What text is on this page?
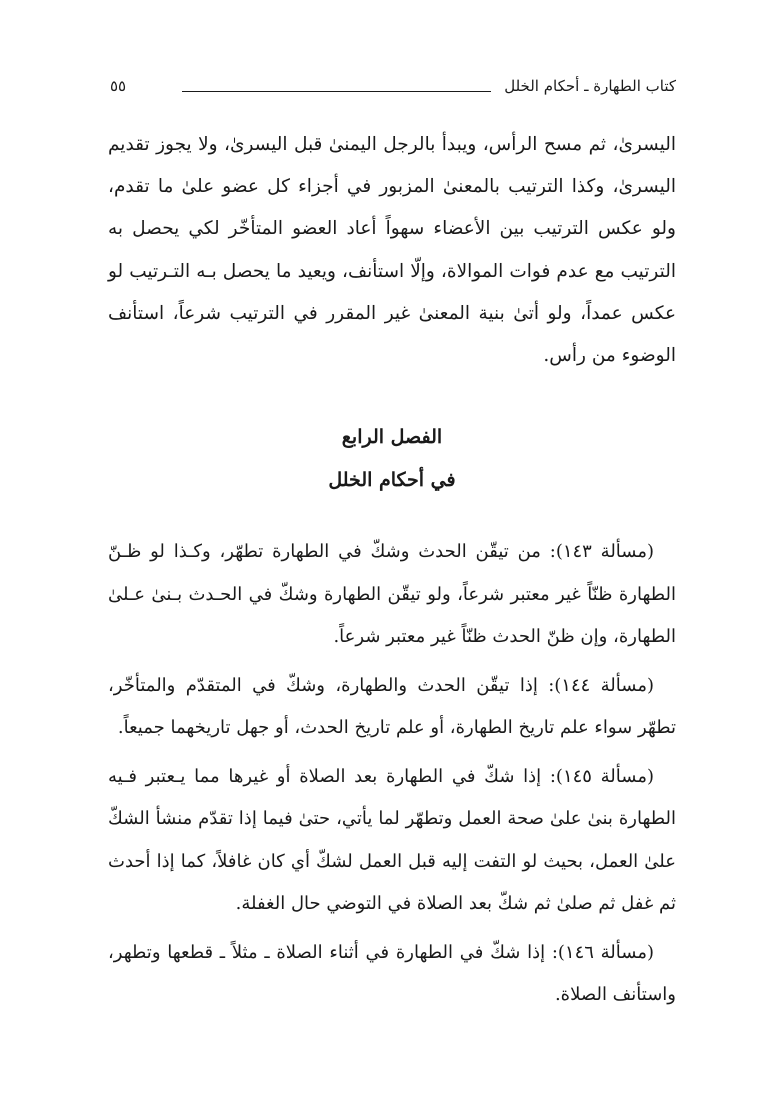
كتاب الطهارة ـ أحكام الخلل
٥٥

اليسرىٰ، ثم مسح الرأس، ويبدأ بالرجل اليمنىٰ قبل اليسرىٰ، ولا يجوز تقديم اليسرىٰ، وكذا الترتيب بالمعنىٰ المزبور في أجزاء كل عضو علىٰ ما تقدم، ولو عكس الترتيب بين الأعضاء سهواً أعاد العضو المتأخّر لكي يحصل به الترتيب مع عدم فوات الموالاة، وإلّا استأنف، ويعيد ما يحصل بـه التـرتيب لو عكس عمداً، ولو أتىٰ بنية المعنىٰ غير المقرر في الترتيب شرعاً، استأنف الوضوء من رأس.

الفصل الرابع
في أحكام الخلل

(مسألة ١٤٣): من تيقّن الحدث وشكّ في الطهارة تطهّر، وكـذا لو ظـنّ الطهارة ظنّاً غير معتبر شرعاً، ولو تيقّن الطهارة وشكّ في الحـدث بـنىٰ عـلىٰ الطهارة، وإن ظنّ الحدث ظنّاً غير معتبر شرعاً.

(مسألة ١٤٤): إذا تيقّن الحدث والطهارة، وشكّ في المتقدّم والمتأخّر، تطهّر سواء علم تاريخ الطهارة، أو علم تاريخ الحدث، أو جهل تاريخهما جميعاً.

(مسألة ١٤٥): إذا شكّ في الطهارة بعد الصلاة أو غيرها مما يـعتبر فـيه الطهارة بنىٰ علىٰ صحة العمل وتطهّر لما يأتي، حتىٰ فيما إذا تقدّم منشأ الشكّ علىٰ العمل، بحيث لو التفت إليه قبل العمل لشكّ أي كان غافلاً، كما إذا أحدث ثم غفل ثم صلىٰ ثم شكّ بعد الصلاة في التوضي حال الغفلة.

(مسألة ١٤٦): إذا شكّ في الطهارة في أثناء الصلاة ـ مثلاً ـ قطعها وتطهر، واستأنف الصلاة.
